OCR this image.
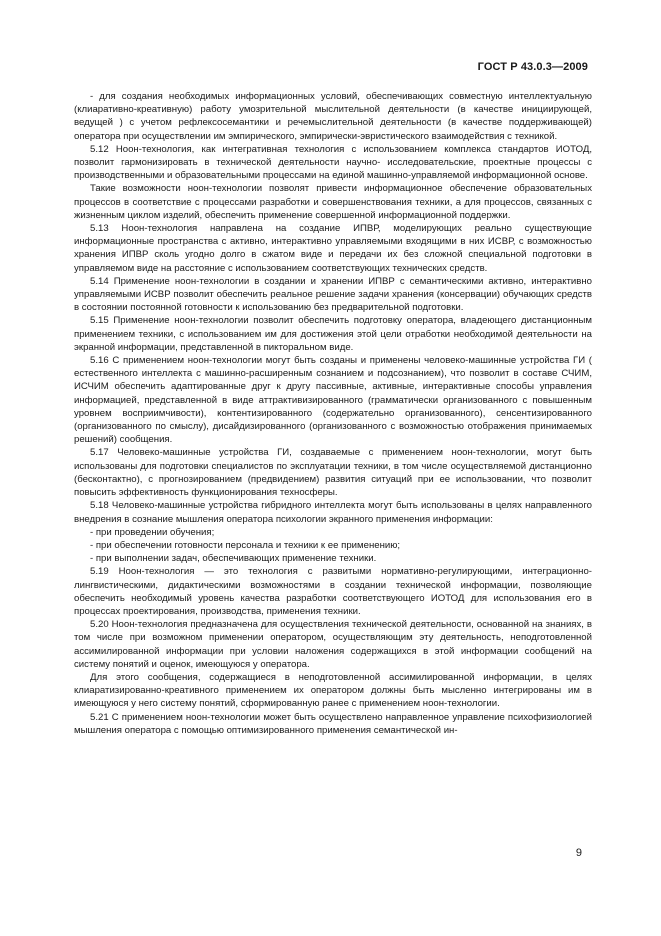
ГОСТ Р 43.0.3—2009

- для создания необходимых информационных условий, обеспечивающих совместную интеллектуальную (клиаративно-креативную) работу умозрительной мыслительной деятельности (в качестве инициирующей, ведущей ) с учетом рефлексосемантики и речемыслительной деятельности (в качестве поддерживающей) оператора при осуществлении им эмпирического, эмпирически-эвристического взаимодействия с техникой.

5.12 Ноон-технология, как интегративная технология с использованием комплекса стандартов ИОТОД, позволит гармонизировать в технической деятельности научно- исследовательские, проектные процессы с производственными и образовательными процессами на единой машинно-управляемой информационной основе.

Такие возможности ноон-технологии позволят привести информационное обеспечение образовательных процессов в соответствие с процессами разработки и совершенствования техники, а для процессов, связанных с жизненным циклом изделий, обеспечить применение совершенной информационной поддержки.

5.13 Ноон-технология направлена на создание ИПВР, моделирующих реально существующие информационные пространства с активно, интерактивно управляемыми входящими в них ИСВР, с возможностью хранения ИПВР сколь угодно долго в сжатом виде и передачи их без сложной специальной подготовки в управляемом виде на расстояние с использованием соответствующих технических средств.

5.14 Применение ноон-технологии в создании и хранении ИПВР с семантическими активно, интерактивно управляемыми ИСВР позволит обеспечить реальное решение задачи хранения (консервации) обучающих средств в состоянии постоянной готовности к использованию без предварительной подготовки.

5.15 Применение ноон-технологии позволит обеспечить подготовку оператора, владеющего дистанционным применением техники, с использованием им для достижения этой цели отработки необходимой деятельности на экранной информации, представленной в пикторальном виде.

5.16 С применением ноон-технологии могут быть созданы и применены человеко-машинные устройства ГИ ( естественного интеллекта с машинно-расширенным сознанием и подсознанием), что позволит в составе СЧИМ, ИСЧИМ обеспечить адаптированные друг к другу пассивные, активные, интерактивные способы управления информацией, представленной в виде аттрактивизированного (грамматически организованного с повышенным уровнем восприимчивости), контентизированного (содержательно организованного), сенсентизированного (организованного по смыслу), дисайдизированного (организованного с возможностью отображения принимаемых решений) сообщения.

5.17 Человеко-машинные устройства ГИ, создаваемые с применением ноон-технологии, могут быть использованы для подготовки специалистов по эксплуатации техники, в том числе осуществляемой дистанционно (бесконтактно), с прогнозированием (предвидением) развития ситуаций при ее использовании, что позволит повысить эффективность функционирования техносферы.

5.18 Человеко-машинные устройства гибридного интеллекта могут быть использованы в целях направленного внедрения в сознание мышления оператора психологии экранного применения информации:

- при проведении обучения;

- при обеспечении готовности персонала и техники к ее применению;

- при выполнении задач, обеспечивающих применение техники.

5.19 Ноон-технология — это технология с развитыми нормативно-регулирующими, интеграционно-лингвистическими, дидактическими возможностями в создании технической информации, позволяющие обеспечить необходимый уровень качества разработки соответствующего ИОТОД для использования его в процессах проектирования, производства, применения техники.

5.20 Ноон-технология предназначена для осуществления технической деятельности, основанной на знаниях, в том числе при возможном применении оператором, осуществляющим эту деятельность, неподготовленной ассимилированной информации при условии наложения содержащихся в этой информации сообщений на систему понятий и оценок, имеющуюся у оператора.

Для этого сообщения, содержащиеся в неподготовленной ассимилированной информации, в целях клиаратизированно-креативного применением их оператором должны быть мысленно интегрированы им в имеющуюся у него систему понятий, сформированную ранее с применением ноон-технологии.

5.21 С применением ноон-технологии может быть осуществлено направленное управление психофизиологией мышления оператора с помощью оптимизированного применения семантической ин-

9
